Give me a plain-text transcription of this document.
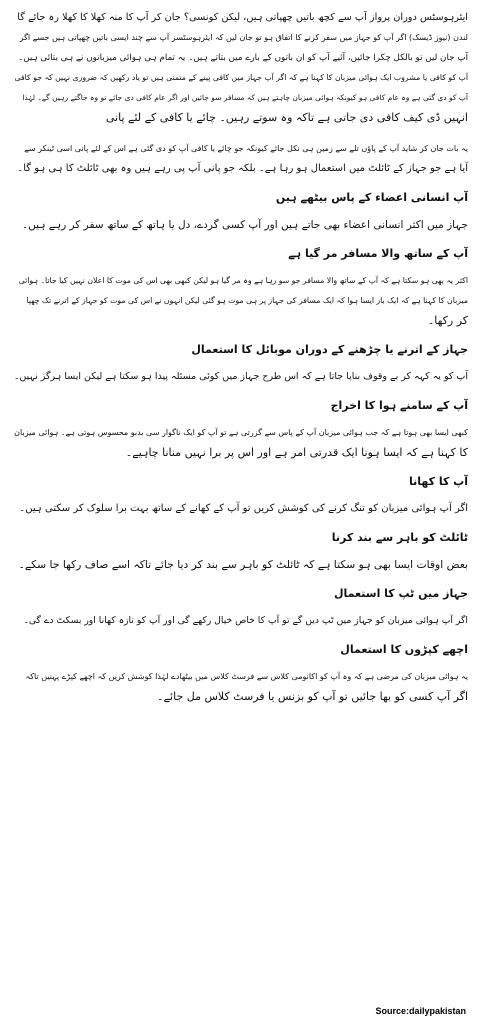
ایئرہوسٹس دوران پرواز آپ سے کچھ باتیں چھپاتی ہیں، لیکن کونسی؟ جان کر آپ کا منہ کھلا کا کھلا رہ جائے گا
لندن (نیوز ڈیسک) اگر آپ کو جہاز میں سفر کرنے کا اتفاق ہو تو جان لیں کہ ایئرہوسٹسز آپ سے چند ایسی باتیں چھپاتی ہیں جسے اگر
آپ جان لیں تو بالکل چکرا جائیں، آئیے آپ کو ان باتوں کے بارے میں بتاتے ہیں۔ یہ تمام ہی ہوائی میزبانوں نے ہی بتائی ہیں۔
آپ کو کافی یا مشروب ایک ہوائی میزبان کا کہنا ہے کہ اگر آپ جہاز میں کافی پینے کے متمنی ہیں تو یاد رکھیں کہ ضروری نہیں کہ جو کافی
آپ کو دی گئی ہے وہ عام کافی ہو کیونکہ ہوائی میزبان چاہتے ہیں کہ مسافر سو جائیں اور اگر عام کافی دی جائے تو وہ جاگتے رہیں گے۔ لہٰذا
انہیں ڈی کیف کافی دی جاتی ہے تاکہ وہ سوتے رہیں۔ چائے یا کافی کے لئے پانی

یہ بات جان کر شاید آپ کے پاؤں تلے سے زمین ہی نکل جائے کیونکہ جو چائے یا کافی آپ کو دی گئی ہے اس کے لئے پانی اسی ٹینکر سے
آیا ہے جو جہاز کے ٹائلٹ میں استعمال ہو رہا ہے۔ بلکہ جو پانی آپ پی رہے ہیں وہ بھی ٹائلٹ کا ہی ہو گا۔

آپ انسانی اعضاء کے پاس بیٹھے ہیں

جہاز میں اکثر انسانی اعضاء بھی جاتے ہیں اور آپ کسی گردے، دل یا ہاتھ کے ساتھ سفر کر رہے ہیں۔

آپ کے ساتھ والا مسافر مر گیا ہے

اکثر یہ بھی ہو سکتا ہے کہ آپ کے ساتھ والا مسافر جو سو رہا ہے وہ مر گیا ہو لیکن کبھی بھی اس کی موت کا اعلان نہیں کیا جاتا۔ ہوائی
میزبان کا کہنا ہے کہ ایک بار ایسا ہوا کہ ایک مسافر کی جہاز پر ہی موت ہو گئی لیکن انہوں نے اس کی موت کو جہاز کے اترنے تک چھپا
کر رکھا۔

جہاز کے اترنے یا چڑھنے کے دوران موبائل کا استعمال

آپ کو یہ کہہ کر بے وقوف بنایا جاتا ہے کہ اس طرح جہاز میں کوئی مسئلہ پیدا ہو سکتا ہے لیکن ایسا ہرگز نہیں۔

آپ کے سامنے ہوا کا اخراج

کبھی ایسا بھی ہوتا ہے کہ جب ہوائی میزبان آپ کے پاس سے گزرتی ہے تو آپ کو ایک ناگوار سی بدبو محسوس ہوتی ہے۔ ہوائی میزبان
کا کہنا ہے کہ ایسا ہونا ایک قدرتی امر ہے اور اس پر برا نہیں منانا چاہیے۔

آپ کا کھانا

اگر آپ ہوائی میزبان کو تنگ کرنے کی کوشش کریں تو آپ کے کھانے کے ساتھ بہت برا سلوک کر سکتی ہیں۔

ٹائلٹ کو باہر سے بند کرنا

بعض اوقات ایسا بھی ہو سکتا ہے کہ ٹائلٹ کو باہر سے بند کر دیا جائے تاکہ اسے صاف رکھا جا سکے۔

جہاز میں ٹپ کا استعمال

اگر آپ ہوائی میزبان کو جہاز میں ٹپ دیں گے تو آپ کا خاص خیال رکھے گی اور آپ کو تازہ کھانا اور بسکٹ دے گی۔

اچھے کپڑوں کا استعمال

یہ ہوائی میزبان کی مرضی ہے کہ وہ آپ کو اکانومی کلاس سے فرسٹ کلاس میں بیٹھادے لہٰذا کوشش کریں کہ اچھے کپڑے پہنیں تاکہ
اگر آپ کسی کو بھا جائیں تو آپ کو بزنس یا فرسٹ کلاس مل جائے۔

Source:dailypakistan
